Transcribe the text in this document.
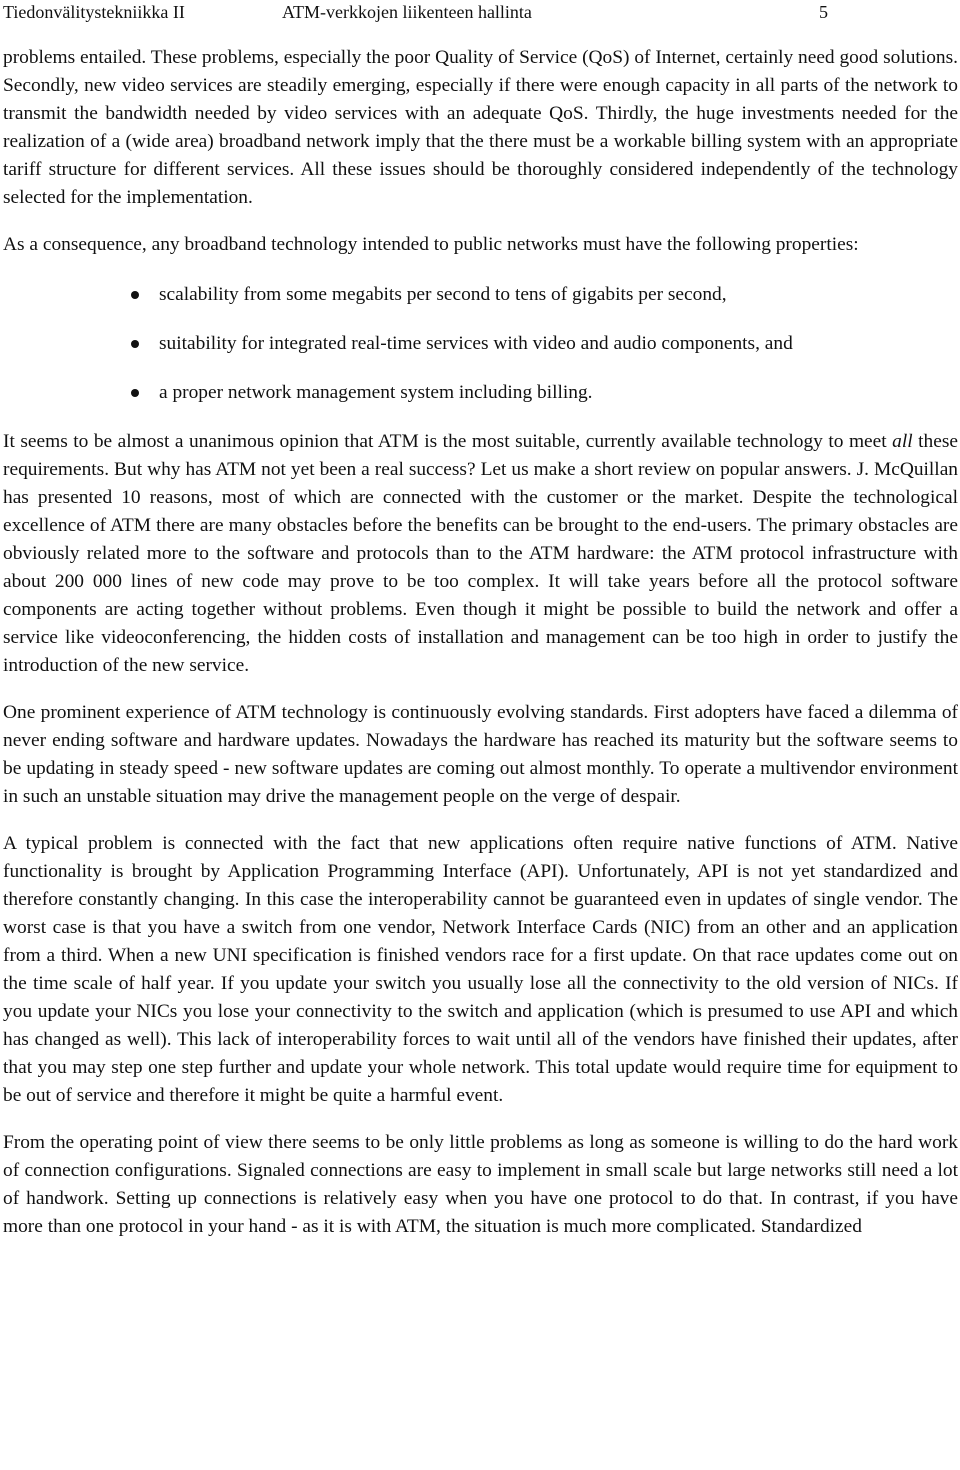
Tiedonvälitystekniikka II	ATM-verkkojen liikenteen hallinta	5

problems entailed. These problems, especially the poor Quality of Service (QoS) of Internet, certainly need good solutions. Secondly, new video services are steadily emerging, especially if there were enough capacity in all parts of the network to transmit the bandwidth needed by video services with an adequate QoS. Thirdly, the huge investments needed for the realization of a (wide area) broadband network imply that the there must be a workable billing system with an appropriate tariff structure for different services. All these issues should be thoroughly considered independently of the technology selected for the implementation.

As a consequence, any broadband technology intended to public networks must have the following properties:

scalability from some megabits per second to tens of gigabits per second,
suitability for integrated real-time services with video and audio components, and
a proper network management system including billing.

It seems to be almost a unanimous opinion that ATM is the most suitable, currently available technology to meet all these requirements. But why has ATM not yet been a real success? Let us make a short review on popular answers. J. McQuillan has presented 10 reasons, most of which are connected with the customer or the market. Despite the technological excellence of ATM there are many obstacles before the benefits can be brought to the end-users. The primary obstacles are obviously related more to the software and protocols than to the ATM hardware: the ATM protocol infrastructure with about 200 000 lines of new code may prove to be too complex. It will take years before all the protocol software components are acting together without problems. Even though it might be possible to build the network and offer a service like videoconferencing, the hidden costs of installation and management can be too high in order to justify the introduction of the new service.

One prominent experience of ATM technology is continuously evolving standards. First adopters have faced a dilemma of never ending software and hardware updates. Nowadays the hardware has reached its maturity but the software seems to be updating in steady speed - new software updates are coming out almost monthly. To operate a multivendor environment in such an unstable situation may drive the management people on the verge of despair.

A typical problem is connected with the fact that new applications often require native functions of ATM. Native functionality is brought by Application Programming Interface (API). Unfortunately, API is not yet standardized and therefore constantly changing. In this case the interoperability cannot be guaranteed even in updates of single vendor. The worst case is that you have a switch from one vendor, Network Interface Cards (NIC) from an other and an application from a third. When a new UNI specification is finished vendors race for a first update. On that race updates come out on the time scale of half year. If you update your switch you usually lose all the connectivity to the old version of NICs. If you update your NICs you lose your connectivity to the switch and application (which is presumed to use API and which has changed as well). This lack of interoperability forces to wait until all of the vendors have finished their updates, after that you may step one step further and update your whole network. This total update would require time for equipment to be out of service and therefore it might be quite a harmful event.

From the operating point of view there seems to be only little problems as long as someone is willing to do the hard work of connection configurations. Signaled connections are easy to implement in small scale but large networks still need a lot of handwork. Setting up connections is relatively easy when you have one protocol to do that. In contrast, if you have more than one protocol in your hand - as it is with ATM, the situation is much more complicated. Standardized
